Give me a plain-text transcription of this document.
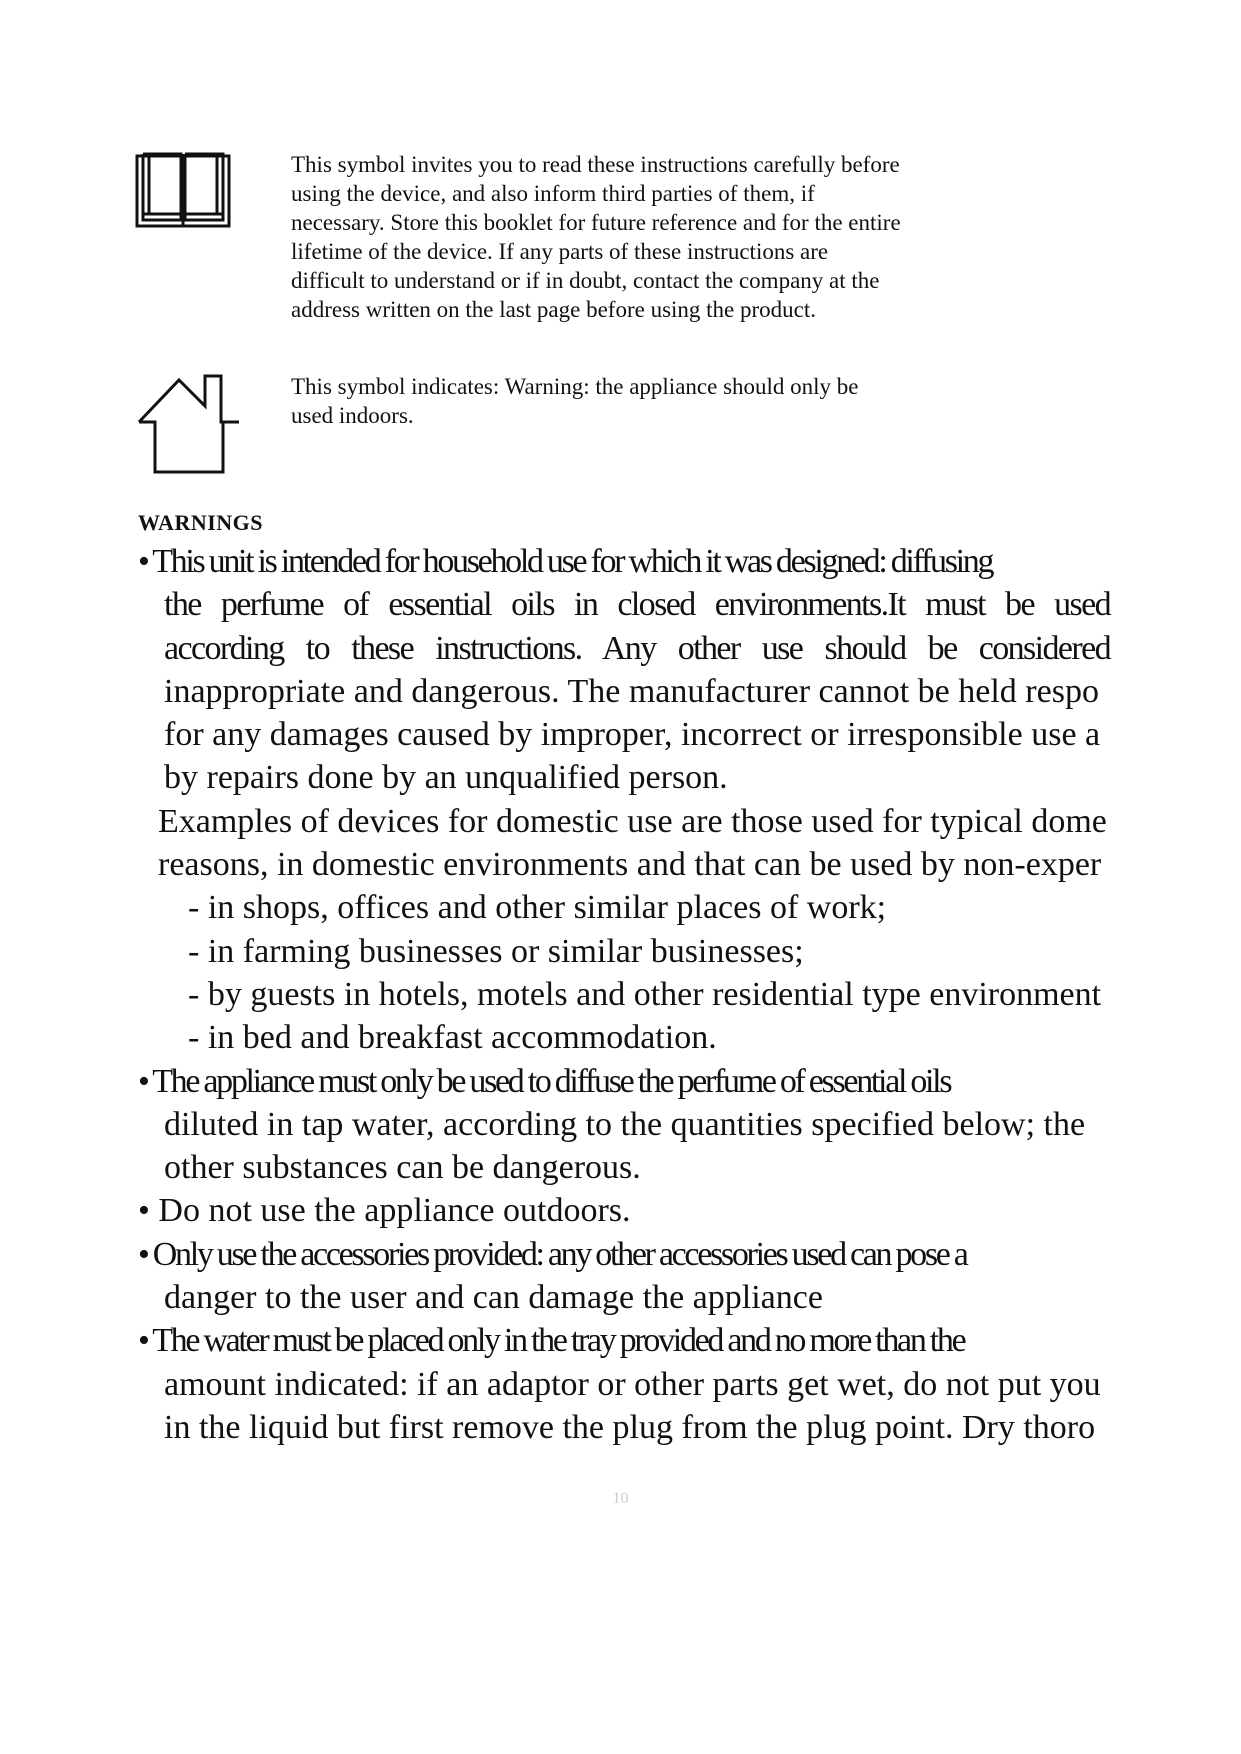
This symbol invites you to read these instructions carefully before
using the device, and also inform third parties of them, if
necessary. Store this booklet for future reference and for the entire
lifetime of the device. If any parts of these instructions are
difficult to understand or if in doubt, contact the company at the
address written on the last page before using the product.
This symbol indicates: Warning: the appliance should only be
used indoors.
WARNINGS
• This unit is intended for household use for which it was designed: diffusing
the perfume of essential oils in closed environments.It must be used
according to these instructions. Any other use should be considered
inappropriate and dangerous. The manufacturer cannot be held respo
for any damages caused by improper, incorrect or irresponsible use a
by repairs done by an unqualified person.
Examples of devices for domestic use are those used for typical dome
reasons, in domestic environments and that can be used by non-exper
- in shops, offices and other similar places of work;
- in farming businesses or similar businesses;
- by guests in hotels, motels and other residential type environment
- in bed and breakfast accommodation.
• The appliance must only be used to diffuse the perfume of essential oils
diluted in tap water, according to the quantities specified below; the
other substances can be dangerous.
• Do not use the appliance outdoors.
• Only use the accessories provided: any other accessories used can pose a
danger to the user and can damage the appliance
• The water must be placed only in the tray provided and no more than the
amount indicated: if an adaptor or other parts get wet, do not put you
in the liquid but first remove the plug from the plug point. Dry thoro
10
